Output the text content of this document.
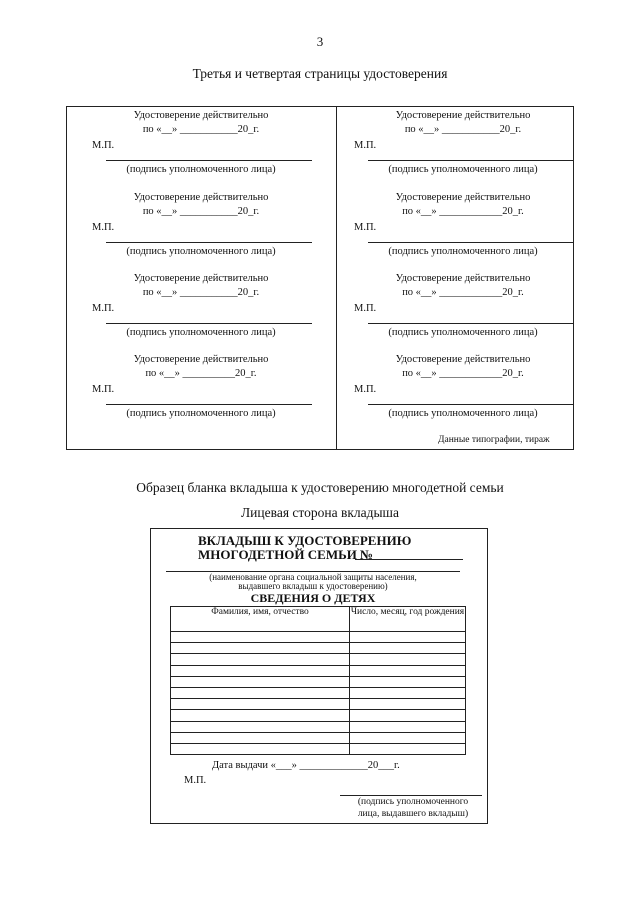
3
Третья и четвертая страницы удостоверения
Удостоверение действительно
по «__» ___________20_г.
М.П.
(подпись уполномоченного лица)
Удостоверение действительно
по «__» ___________20_г.
М.П.
(подпись уполномоченного лица)
Удостоверение действительно
по «__» ___________20_г.
М.П.
(подпись уполномоченного лица)
Удостоверение действительно
по «__» ____________20_г.
М.П.
(подпись уполномоченного лица)
Удостоверение действительно
по «__» ___________20_г.
М.П.
(подпись уполномоченного лица)
Удостоверение действительно
по «__» ____________20_г.
М.П.
(подпись уполномоченного лица)
Удостоверение действительно
по «__» __________20_г.
М.П.
(подпись уполномоченного лица)
Удостоверение действительно
по «__» ____________20_г.
М.П.
(подпись уполномоченного лица)
Данные типографии, тираж
Образец бланка вкладыша к удостоверению многодетной семьи
Лицевая сторона вкладыша
ВКЛАДЫШ К УДОСТОВЕРЕНИЮ
МНОГОДЕТНОЙ СЕМЬИ №
(наименование органа социальной защиты населения,
выдавшего вкладыш к удостоверению)
СВЕДЕНИЯ О ДЕТЯХ
Фамилия, имя, отчество	Число, месяц, год рождения

Дата выдачи «___» _____________20___г.
М.П.
(подпись уполномоченного
лица, выдавшего вкладыш)
